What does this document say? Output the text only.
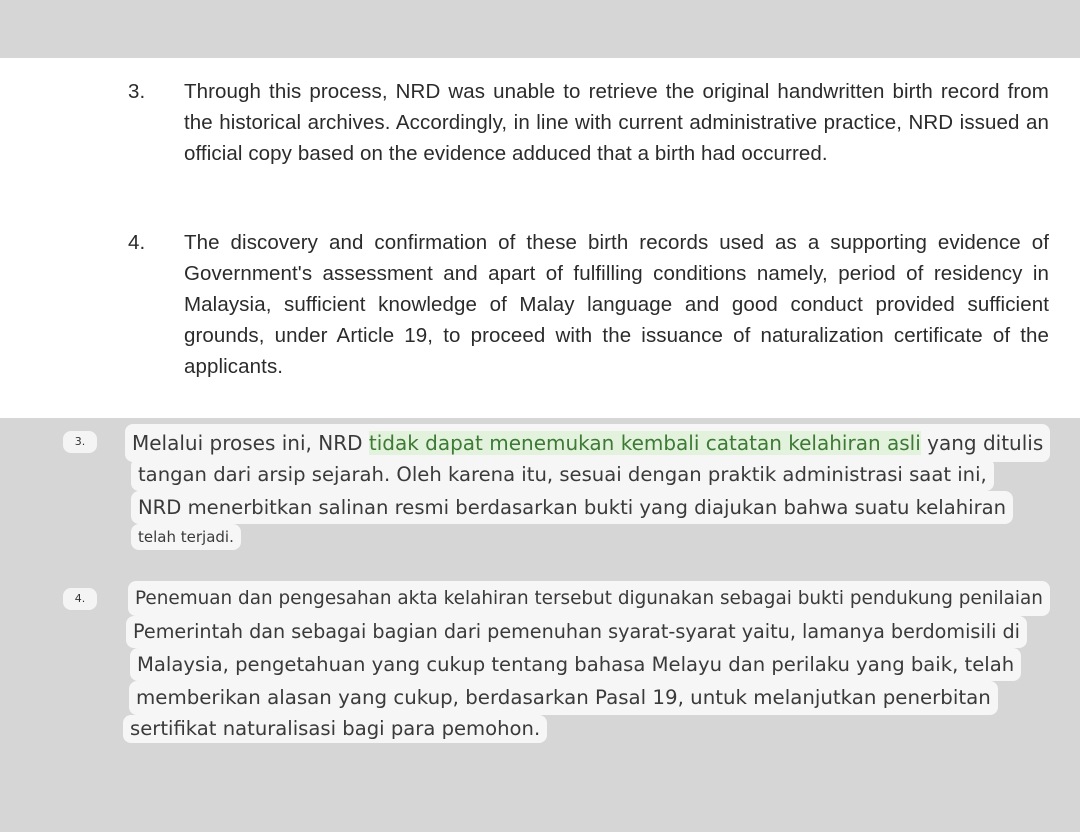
3. Through this process, NRD was unable to retrieve the original handwritten birth record from the historical archives. Accordingly, in line with current administrative practice, NRD issued an official copy based on the evidence adduced that a birth had occurred.
4. The discovery and confirmation of these birth records used as a supporting evidence of Government's assessment and apart of fulfilling conditions namely, period of residency in Malaysia, sufficient knowledge of Malay language and good conduct provided sufficient grounds, under Article 19, to proceed with the issuance of naturalization certificate of the applicants.
3.	Melalui proses ini, NRD tidak dapat menemukan kembali catatan kelahiran asli yang ditulis
tangan dari arsip sejarah. Oleh karena itu, sesuai dengan praktik administrasi saat ini,
NRD menerbitkan salinan resmi berdasarkan bukti yang diajukan bahwa suatu kelahiran
telah terjadi.
4.	Penemuan dan pengesahan akta kelahiran tersebut digunakan sebagai bukti pendukung penilaian
Pemerintah dan sebagai bagian dari pemenuhan syarat-syarat yaitu, lamanya berdomisili di
Malaysia, pengetahuan yang cukup tentang bahasa Melayu dan perilaku yang baik, telah
memberikan alasan yang cukup, berdasarkan Pasal 19, untuk melanjutkan penerbitan
sertifikat naturalisasi bagi para pemohon.
